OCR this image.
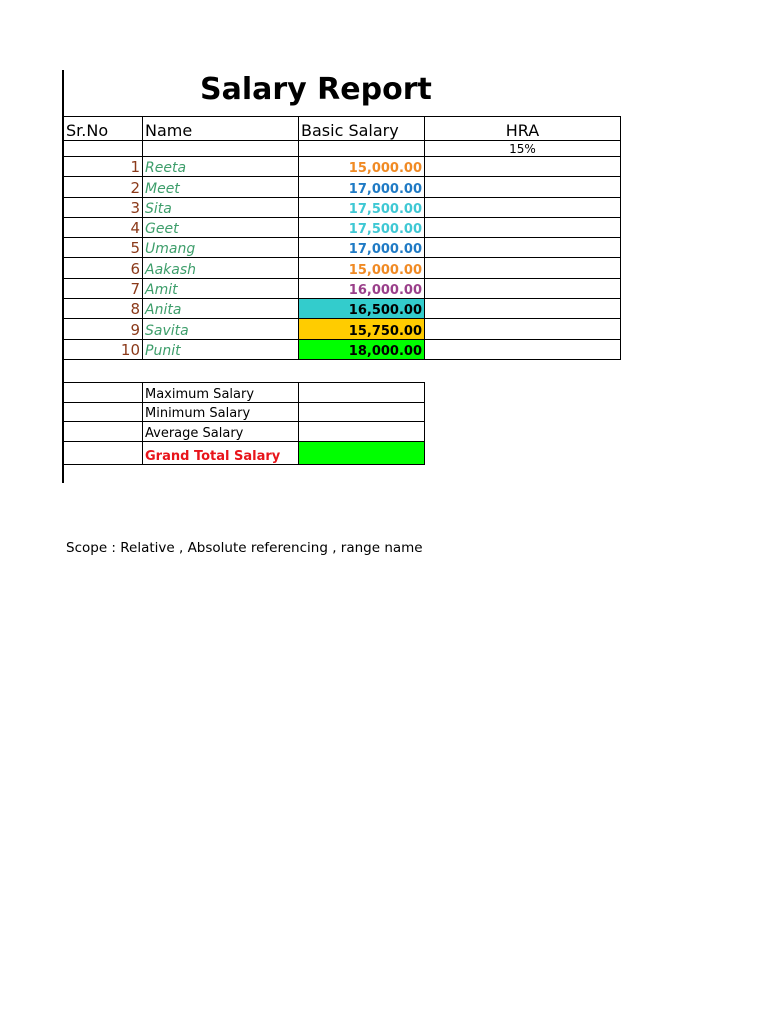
Salary Report
Sr.No	Name	Basic Salary	HRA
			15%
1	Reeta	15,000.00	
2	Meet	17,000.00	
3	Sita	17,500.00	
4	Geet	17,500.00	
5	Umang	17,000.00	
6	Aakash	15,000.00	
7	Amit	16,000.00	
8	Anita	16,500.00	
9	Savita	15,750.00	
10	Punit	18,000.00	
	Maximum Salary	
	Minimum Salary	
	Average Salary	
	Grand Total Salary	
Scope : Relative , Absolute referencing , range name
